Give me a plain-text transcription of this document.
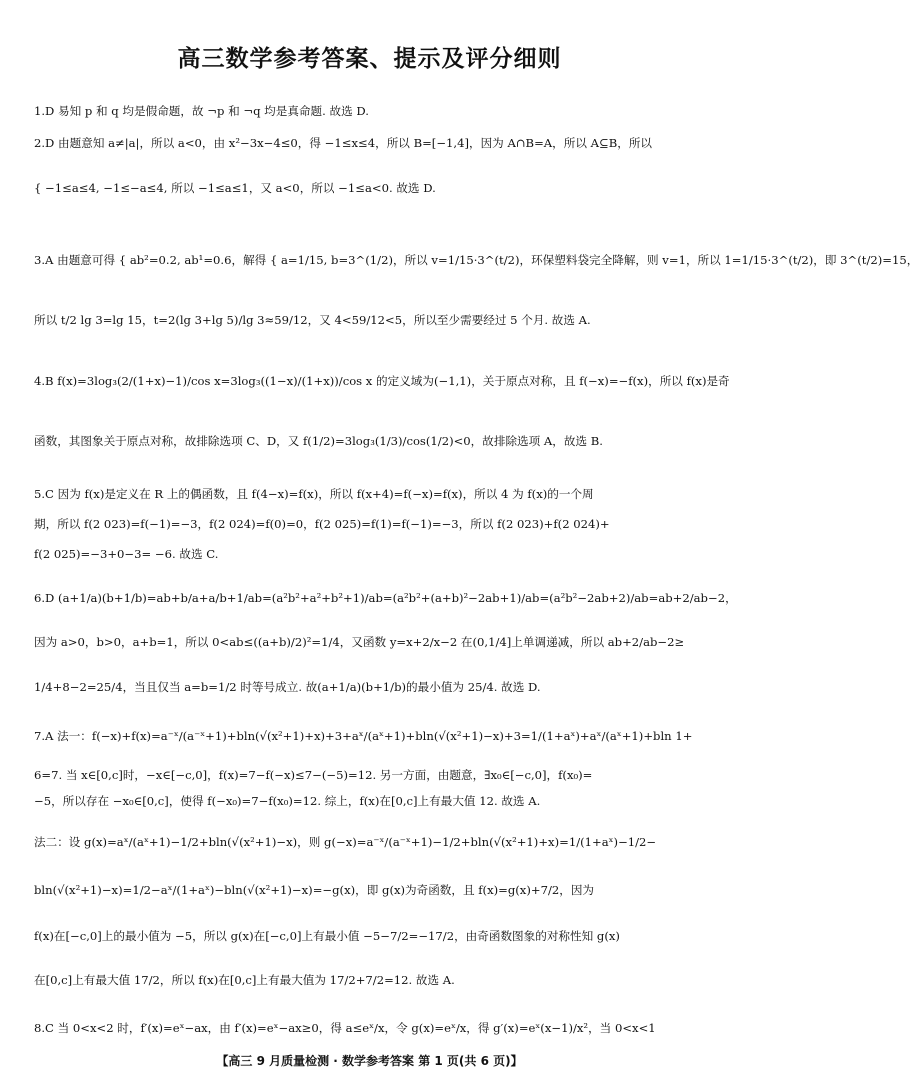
高三数学参考答案、提示及评分细则
1.D 易知 p 和 q 均是假命题，故 ¬p 和 ¬q 均是真命题. 故选 D.
2.D 由题意知 a≠|a|，所以 a<0，由 x²−3x−4≤0，得 −1≤x≤4，所以 B=[−1,4]，因为 A∩B=A，所以 A⊆B，所以
{ −1≤a≤4, −1≤−a≤4, 所以 −1≤a≤1，又 a<0，所以 −1≤a<0. 故选 D.
3.A 由题意可得 { ab²=0.2, ab¹=0.6，解得 { a=1/15, b=3^(1/2)，所以 v=1/15·3^(t/2)，环保塑料袋完全降解，则 v=1，所以 1=1/15·3^(t/2)，即 3^(t/2)=15，
所以 t/2 lg 3=lg 15，t=2(lg 3+lg 5)/lg 3≈59/12，又 4<59/12<5，所以至少需要经过 5 个月. 故选 A.
4.B f(x)=3log₃(2/(1+x)−1)/cos x=3log₃((1−x)/(1+x))/cos x 的定义域为(−1,1)，关于原点对称，且 f(−x)=−f(x)，所以 f(x)是奇
函数，其图象关于原点对称，故排除选项 C、D，又 f(1/2)=3log₃(1/3)/cos(1/2)<0，故排除选项 A，故选 B.
5.C 因为 f(x)是定义在 R 上的偶函数，且 f(4−x)=f(x)，所以 f(x+4)=f(−x)=f(x)，所以 4 为 f(x)的一个周
期，所以 f(2 023)=f(−1)=−3，f(2 024)=f(0)=0，f(2 025)=f(1)=f(−1)=−3，所以 f(2 023)+f(2 024)+
f(2 025)=−3+0−3= −6. 故选 C.
6.D (a+1/a)(b+1/b)=ab+b/a+a/b+1/ab=(a²b²+a²+b²+1)/ab=(a²b²+(a+b)²−2ab+1)/ab=(a²b²−2ab+2)/ab=ab+2/ab−2，
因为 a>0，b>0，a+b=1，所以 0<ab≤((a+b)/2)²=1/4，又函数 y=x+2/x−2 在(0,1/4]上单调递减，所以 ab+2/ab−2≥
1/4+8−2=25/4，当且仅当 a=b=1/2 时等号成立. 故(a+1/a)(b+1/b)的最小值为 25/4. 故选 D.
7.A 法一：f(−x)+f(x)=a⁻ˣ/(a⁻ˣ+1)+bln(√(x²+1)+x)+3+aˣ/(aˣ+1)+bln(√(x²+1)−x)+3=1/(1+aˣ)+aˣ/(aˣ+1)+bln 1+
6=7. 当 x∈[0,c]时，−x∈[−c,0]，f(x)=7−f(−x)≤7−(−5)=12. 另一方面，由题意，∃x₀∈[−c,0]，f(x₀)=
−5，所以存在 −x₀∈[0,c]，使得 f(−x₀)=7−f(x₀)=12. 综上，f(x)在[0,c]上有最大值 12. 故选 A.
法二：设 g(x)=aˣ/(aˣ+1)−1/2+bln(√(x²+1)−x)，则 g(−x)=a⁻ˣ/(a⁻ˣ+1)−1/2+bln(√(x²+1)+x)=1/(1+aˣ)−1/2−
bln(√(x²+1)−x)=1/2−aˣ/(1+aˣ)−bln(√(x²+1)−x)=−g(x)，即 g(x)为奇函数，且 f(x)=g(x)+7/2，因为
f(x)在[−c,0]上的最小值为 −5，所以 g(x)在[−c,0]上有最小值 −5−7/2=−17/2，由奇函数图象的对称性知 g(x)
在[0,c]上有最大值 17/2，所以 f(x)在[0,c]上有最大值为 17/2+7/2=12. 故选 A.
8.C 当 0<x<2 时，f′(x)=eˣ−ax，由 f′(x)=eˣ−ax≥0，得 a≤eˣ/x，令 g(x)=eˣ/x，得 g′(x)=eˣ(x−1)/x²，当 0<x<1
【高三 9 月质量检测 · 数学参考答案 第 1 页(共 6 页)】
